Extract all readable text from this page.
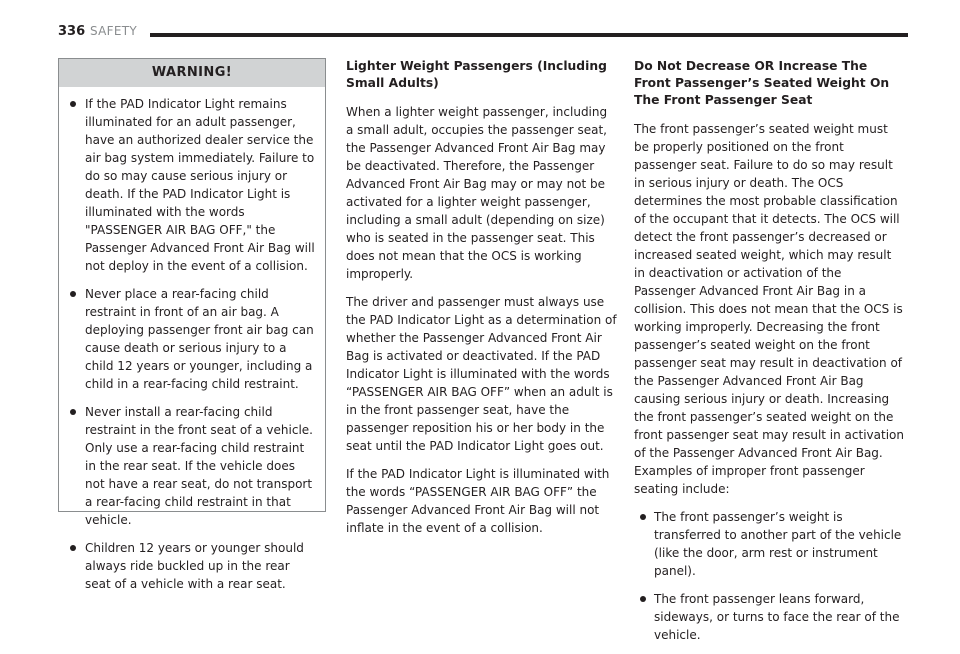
336 SAFETY
WARNING!
If the PAD Indicator Light remains illuminated for an adult passenger, have an authorized dealer service the air bag system immediately. Failure to do so may cause serious injury or death. If the PAD Indicator Light is illuminated with the words "PASSENGER AIR BAG OFF," the Passenger Advanced Front Air Bag will not deploy in the event of a collision.
Never place a rear-facing child restraint in front of an air bag. A deploying passenger front air bag can cause death or serious injury to a child 12 years or younger, including a child in a rear-facing child restraint.
Never install a rear-facing child restraint in the front seat of a vehicle. Only use a rear-facing child restraint in the rear seat. If the vehicle does not have a rear seat, do not transport a rear-facing child restraint in that vehicle.
Children 12 years or younger should always ride buckled up in the rear seat of a vehicle with a rear seat.
Lighter Weight Passengers (Including Small Adults)

When a lighter weight passenger, including a small adult, occupies the passenger seat, the Passenger Advanced Front Air Bag may be deactivated. Therefore, the Passenger Advanced Front Air Bag may or may not be activated for a lighter weight passenger, including a small adult (depending on size) who is seated in the passenger seat. This does not mean that the OCS is working improperly.

The driver and passenger must always use the PAD Indicator Light as a determination of whether the Passenger Advanced Front Air Bag is activated or deactivated. If the PAD Indicator Light is illuminated with the words “PASSENGER AIR BAG OFF” when an adult is in the front passenger seat, have the passenger reposition his or her body in the seat until the PAD Indicator Light goes out.

If the PAD Indicator Light is illuminated with the words “PASSENGER AIR BAG OFF” the Passenger Advanced Front Air Bag will not inflate in the event of a collision.

Do Not Decrease OR Increase The Front Passenger’s Seated Weight On The Front Passenger Seat

The front passenger’s seated weight must be properly positioned on the front passenger seat. Failure to do so may result in serious injury or death. The OCS determines the most probable classification of the occupant that it detects. The OCS will detect the front passenger’s decreased or increased seated weight, which may result in deactivation or activation of the Passenger Advanced Front Air Bag in a collision. This does not mean that the OCS is working improperly. Decreasing the front passenger’s seated weight on the front passenger seat may result in deactivation of the Passenger Advanced Front Air Bag causing serious injury or death. Increasing the front passenger’s seated weight on the front passenger seat may result in activation of the Passenger Advanced Front Air Bag. Examples of improper front passenger seating include:

The front passenger’s weight is transferred to another part of the vehicle (like the door, arm rest or instrument panel).
The front passenger leans forward, sideways, or turns to face the rear of the vehicle.
